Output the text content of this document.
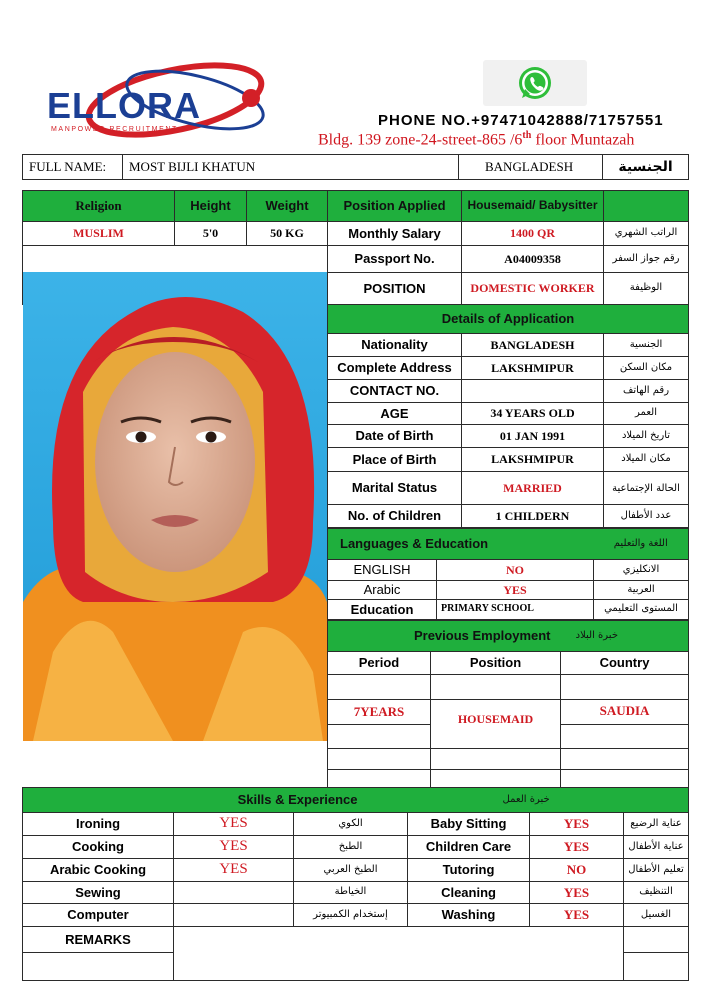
ELLORA
MANPOWER RECRUITMENT
PHONE NO.+97471042888/71757551
Bldg. 139 zone-24-street-865 /6th floor Muntazah
FULL NAME:	MOST BIJLI KHATUN	BANGLADESH	الجنسية
Religion	Height	Weight	Position Applied	Housemaid/ Babysitter	
MUSLIM	5'0	50 KG	Monthly Salary	1400 QR	الراتب الشهري
			Passport No.	A04009358	رقم جواز السفر
			POSITION	DOMESTIC WORKER	الوظيفة
Details of Application		
Nationality	BANGLADESH	الجنسية
Complete Address	LAKSHMIPUR	مكان السكن
CONTACT NO.		رقم الهاتف
AGE	34 YEARS OLD	العمر
Date of Birth	01 JAN 1991	تاريخ الميلاد
Place of Birth	LAKSHMIPUR	مكان الميلاد
Marital Status	MARRIED	الحالة الإجتماعية
No. of Children	1 CHILDERN	عدد الأطفال
Languages & Education		اللغة والتعليم
ENGLISH	NO	الانكليزي
Arabic	YES	العربية
Education	PRIMARY SCHOOL	المستوى التعليمي
Previous Employment		خبرة البلاد
Period	Position	Country

7YEARS	HOUSEMAID	SAUDIA

Skills & Experience			خبرة العمل		
Ironing	YES	الكوي	Baby Sitting	YES	عناية الرضيع
Cooking	YES	الطبخ	Children Care	YES	عناية الأطفال
Arabic Cooking	YES	الطبخ العربي	Tutoring	NO	تعليم الأطفال
Sewing		الخياطة	Cleaning	YES	التنظيف
Computer		إستخدام الكمبيوتر	Washing	YES	الغسيل
REMARKS					
